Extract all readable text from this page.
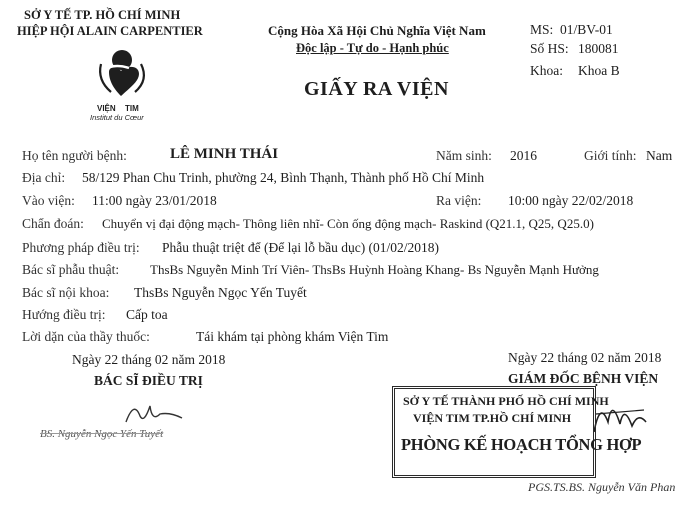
SỞ Y TẾ TP. HỒ CHÍ MINH
HIỆP HỘI ALAIN CARPENTIER
VIỆN TIM
Institut du Cœur
Cộng Hòa Xã Hội Chủ Nghĩa Việt Nam
Độc lập - Tự do - Hạnh phúc
GIẤY RA VIỆN
MS: 01/BV-01
Số HS: 180081
Khoa: Khoa B
Họ tên người bệnh:	LÊ MINH THÁI	Năm sinh: 2016	Giới tính: Nam
Địa chỉ: 58/129 Phan Chu Trinh, phường 24, Bình Thạnh, Thành phố Hồ Chí Minh
Vào viện: 11:00 ngày 23/01/2018	Ra viện: 10:00 ngày 22/02/2018
Chẩn đoán: Chuyển vị đại động mạch- Thông liên nhĩ- Còn ống động mạch- Raskind (Q21.1, Q25, Q25.0)
Phương pháp điều trị: Phẫu thuật triệt để (Để lại lỗ bầu dục) (01/02/2018)
Bác sĩ phẫu thuật: ThsBs Nguyễn Minh Trí Viên- ThsBs Huỳnh Hoàng Khang- Bs Nguyễn Mạnh Hưởng
Bác sĩ nội khoa: ThsBs Nguyễn Ngọc Yến Tuyết
Hướng điều trị: Cấp toa
Lời dặn của thầy thuốc:	Tái khám tại phòng khám Viện Tim
Ngày 22 tháng 02 năm 2018
BÁC SĨ ĐIỀU TRỊ
BS. Nguyễn Ngọc Yến Tuyết
Ngày 22 tháng 02 năm 2018
GIÁM ĐỐC BỆNH VIỆN
SỞ Y TẾ THÀNH PHỐ HỒ CHÍ MINH
VIỆN TIM TP.HỒ CHÍ MINH
PHÒNG KẾ HOẠCH TỔNG HỢP
PGS.TS.BS. Nguyễn Văn Phan
